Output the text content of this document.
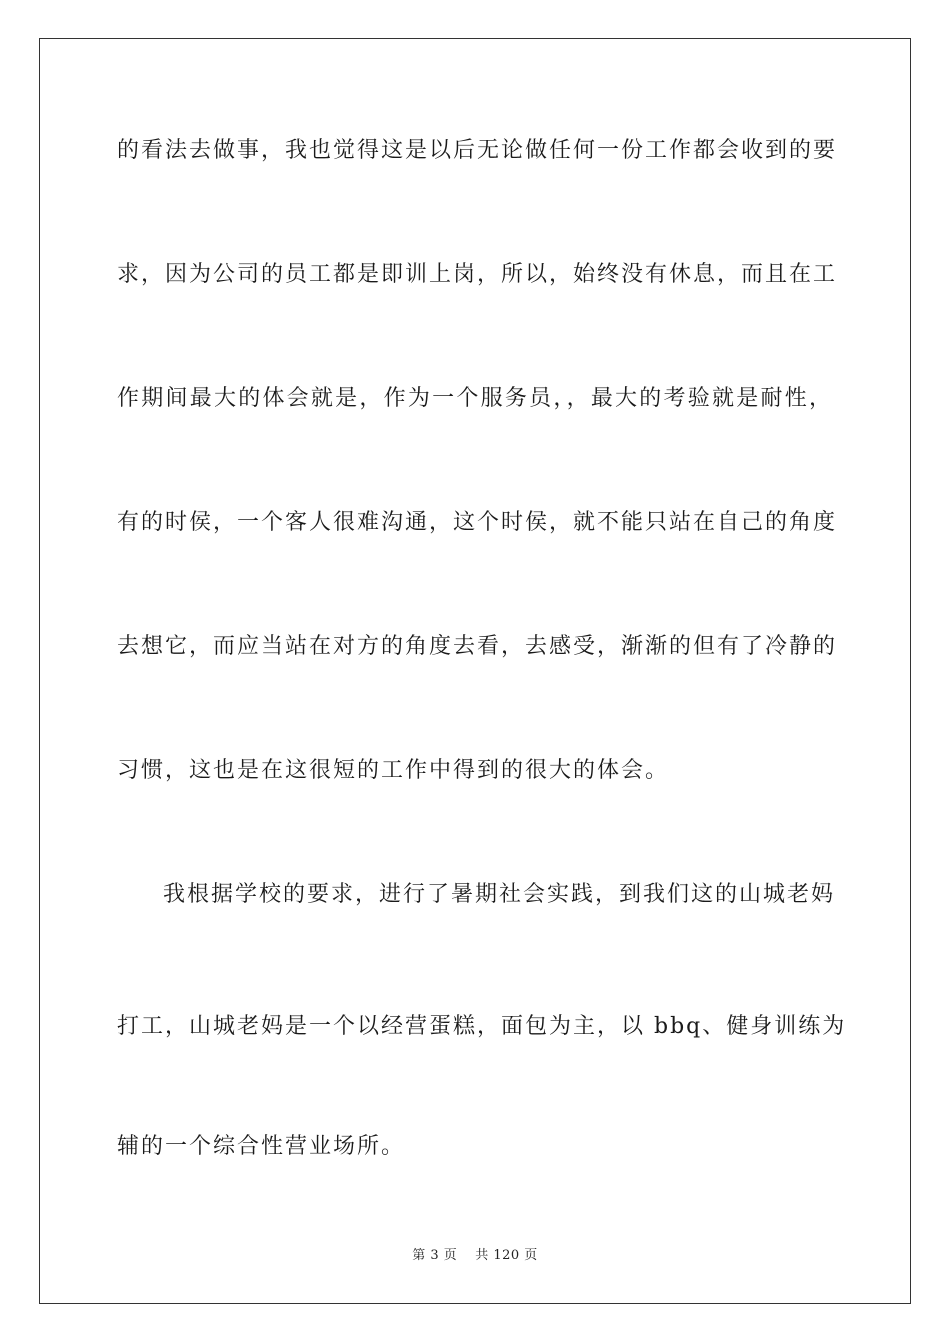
的看法去做事，我也觉得这是以后无论做任何一份工作都会收到的要
求，因为公司的员工都是即训上岗，所以，始终没有休息，而且在工
作期间最大的体会就是，作为一个服务员，，最大的考验就是耐性，
有的时侯，一个客人很难沟通，这个时侯，就不能只站在自己的角度
去想它，而应当站在对方的角度去看，去感受，渐渐的但有了冷静的
习惯，这也是在这很短的工作中得到的很大的体会。
我根据学校的要求，进行了暑期社会实践，到我们这的山城老妈
打工，山城老妈是一个以经营蛋糕，面包为主，以 bbq、健身训练为
辅的一个综合性营业场所。
第 3 页 共 120 页
